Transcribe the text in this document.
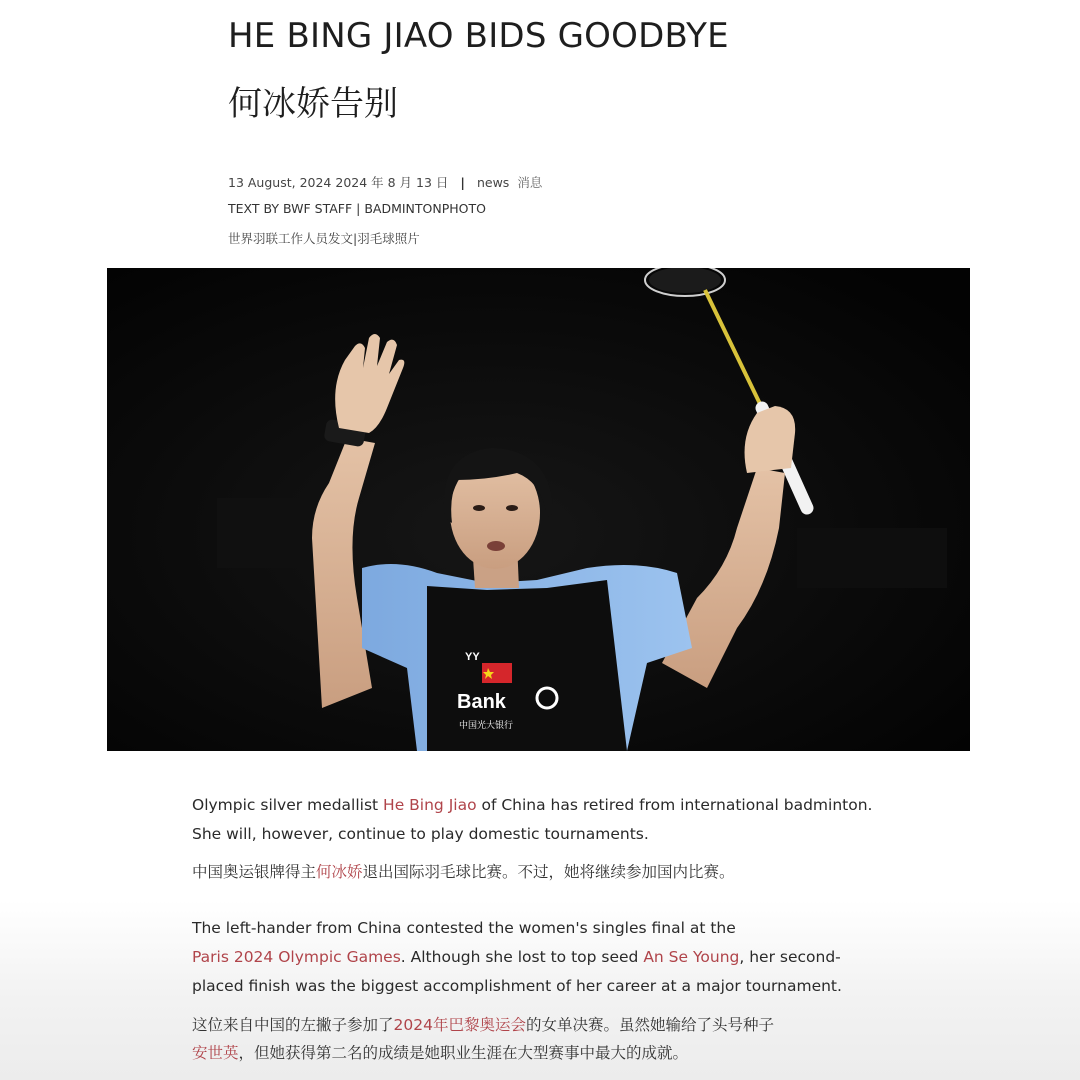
HE BING JIAO BIDS GOODBYE
何冰娇告别
13 August, 2024 2024 年 8 月 13 日 | news 消息
TEXT BY BWF STAFF | BADMINTONPHOTO
世界羽联工作人员发文|羽毛球照片
Bank
中国光大银行
YY
Olympic silver medallist He Bing Jiao of China has retired from international badminton.
She will, however, continue to play domestic tournaments.
中国奥运银牌得主何冰娇退出国际羽毛球比赛。不过，她将继续参加国内比赛。
The left-hander from China contested the women's singles final at the
Paris 2024 Olympic Games. Although she lost to top seed An Se Young, her second-
placed finish was the biggest accomplishment of her career at a major tournament.
这位来自中国的左撇子参加了2024年巴黎奥运会的女单决赛。虽然她输给了头号种子
安世英，但她获得第二名的成绩是她职业生涯在大型赛事中最大的成就。
